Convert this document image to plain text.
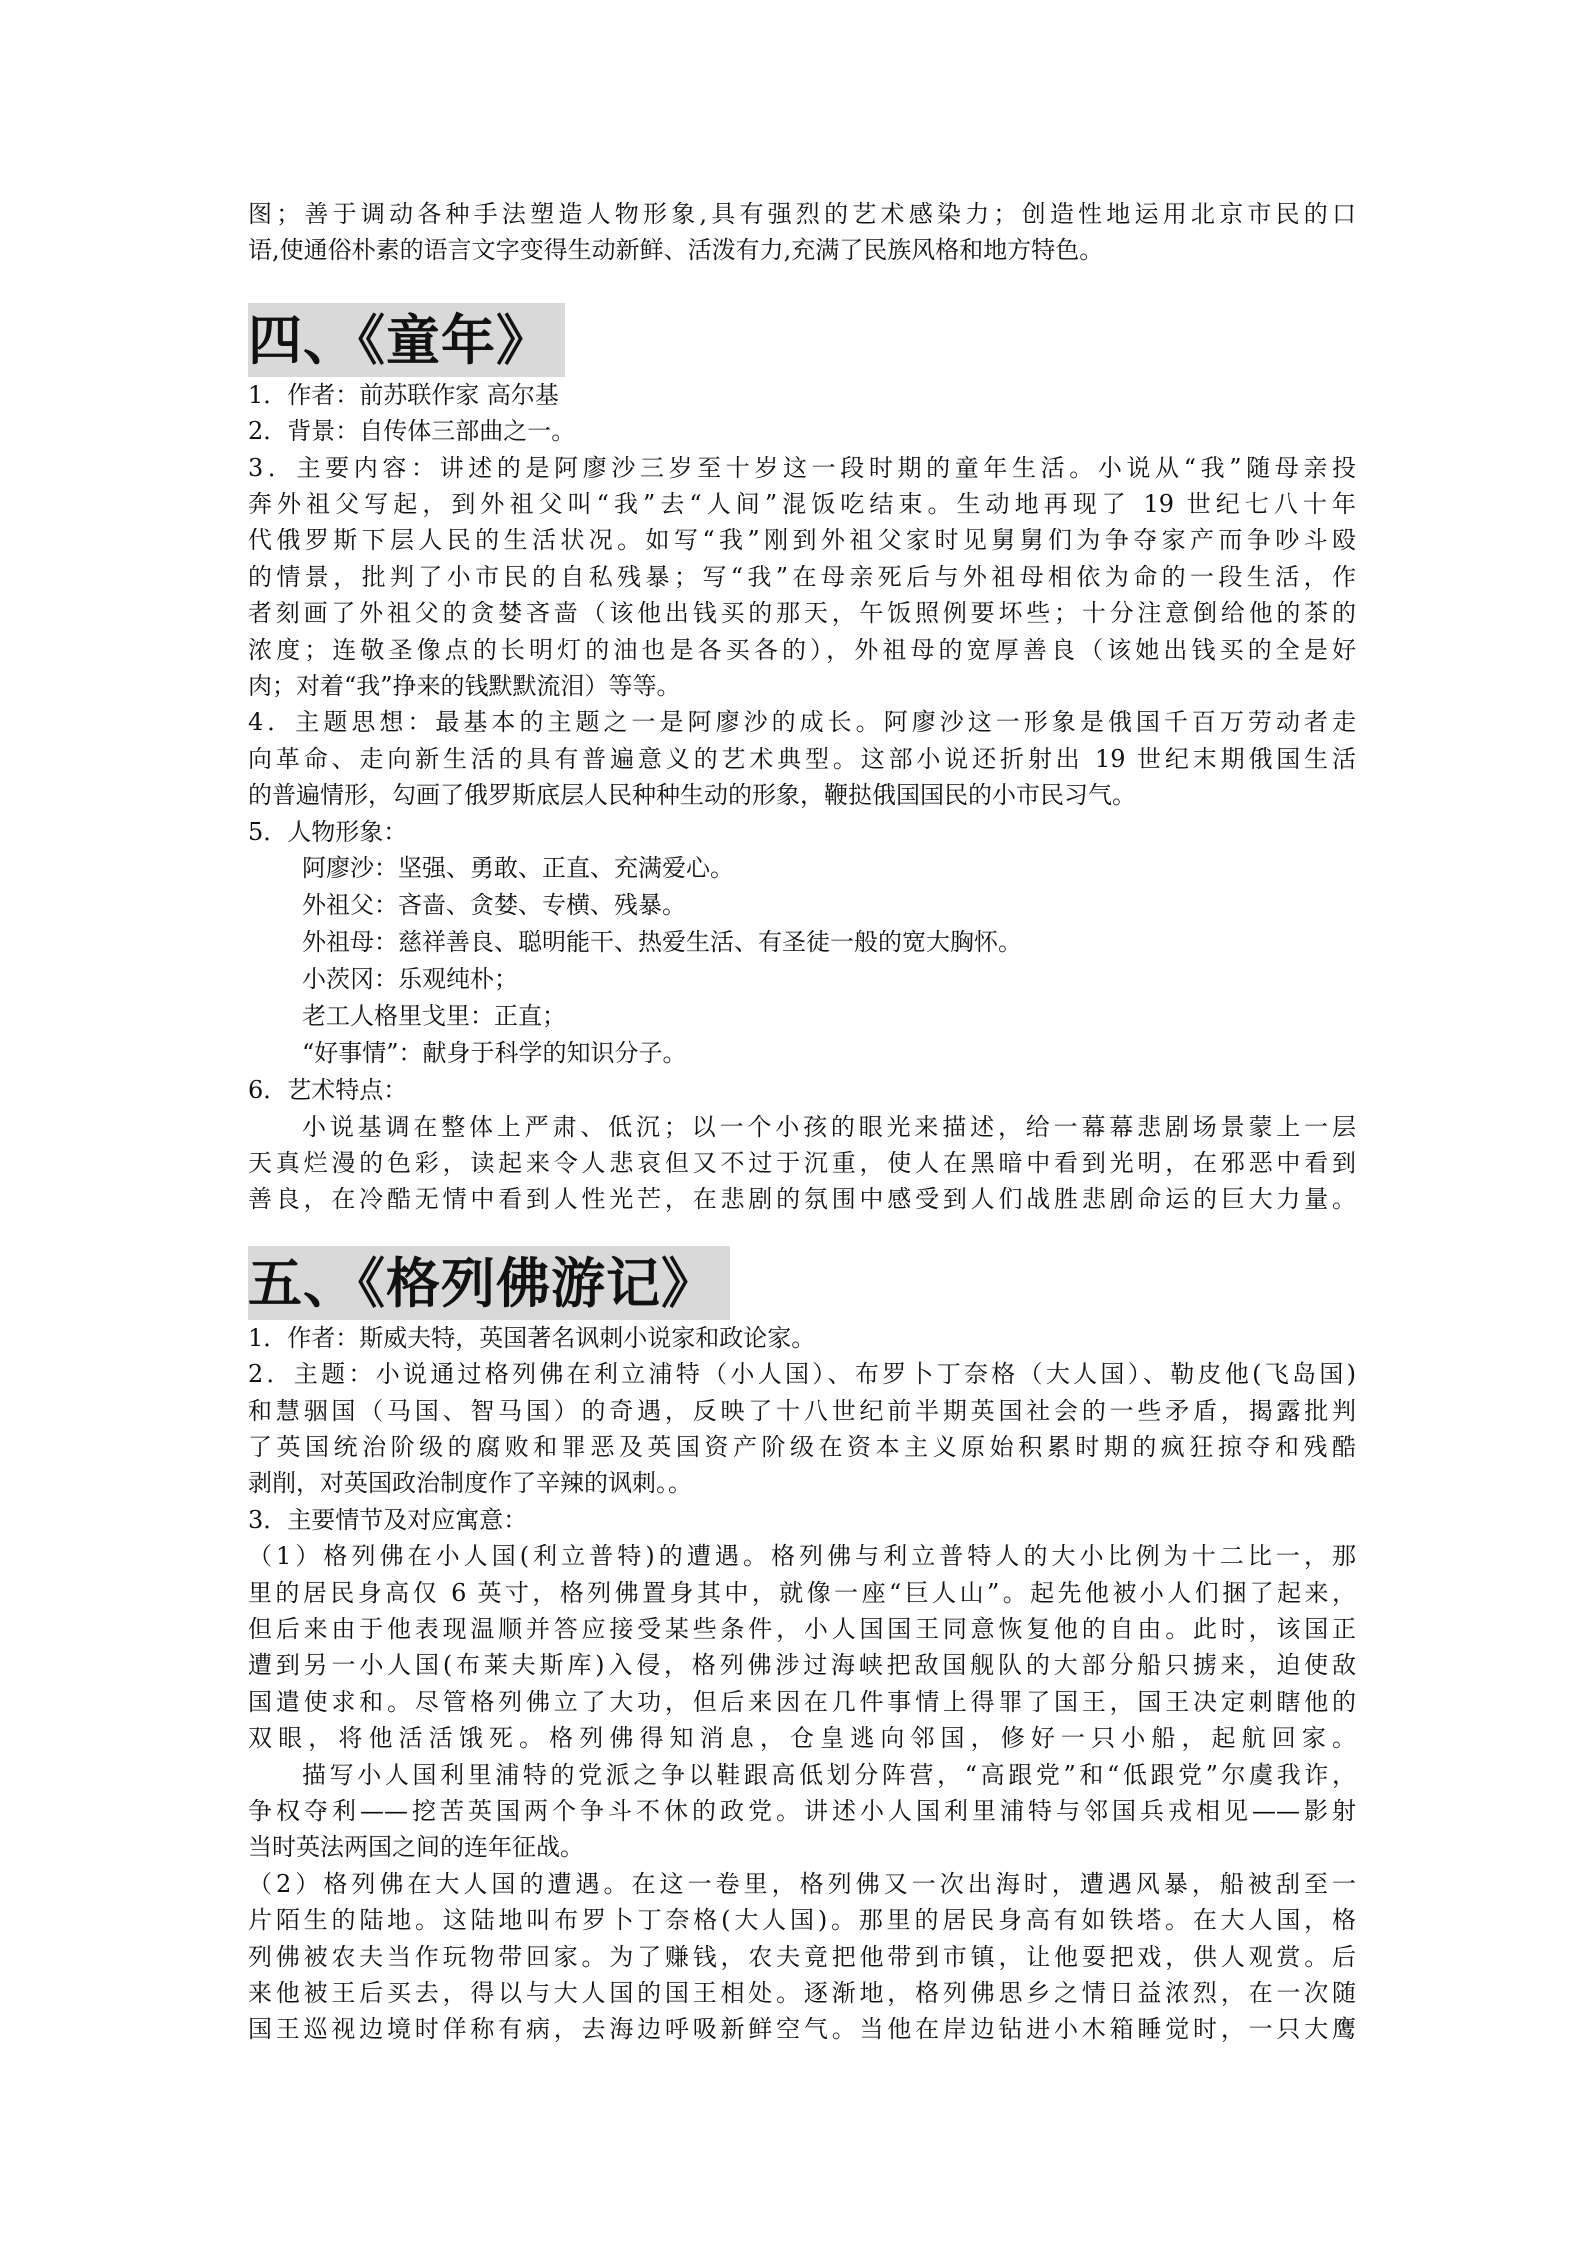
图；善于调动各种手法塑造人物形象,具有强烈的艺术感染力；创造性地运用北京市民的口
语,使通俗朴素的语言文字变得生动新鲜、活泼有力,充满了民族风格和地方特色。
四、《童年》
1．作者：前苏联作家 高尔基
2．背景：自传体三部曲之一。
3．主要内容：讲述的是阿廖沙三岁至十岁这一段时期的童年生活。小说从“我”随母亲投
奔外祖父写起，到外祖父叫“我”去“人间”混饭吃结束。生动地再现了 19 世纪七八十年
代俄罗斯下层人民的生活状况。如写“我”刚到外祖父家时见舅舅们为争夺家产而争吵斗殴
的情景，批判了小市民的自私残暴；写“我”在母亲死后与外祖母相依为命的一段生活，作
者刻画了外祖父的贪婪吝啬（该他出钱买的那天，午饭照例要坏些；十分注意倒给他的茶的
浓度；连敬圣像点的长明灯的油也是各买各的），外祖母的宽厚善良（该她出钱买的全是好
肉；对着“我”挣来的钱默默流泪）等等。
4．主题思想：最基本的主题之一是阿廖沙的成长。阿廖沙这一形象是俄国千百万劳动者走
向革命、走向新生活的具有普遍意义的艺术典型。这部小说还折射出 19 世纪末期俄国生活
的普遍情形，勾画了俄罗斯底层人民种种生动的形象，鞭挞俄国国民的小市民习气。
5．人物形象：
阿廖沙：坚强、勇敢、正直、充满爱心。
外祖父：吝啬、贪婪、专横、残暴。
外祖母：慈祥善良、聪明能干、热爱生活、有圣徒一般的宽大胸怀。
小茨冈：乐观纯朴；
老工人格里戈里：正直；
“好事情”：献身于科学的知识分子。
6．艺术特点：
小说基调在整体上严肃、低沉；以一个小孩的眼光来描述，给一幕幕悲剧场景蒙上一层
天真烂漫的色彩，读起来令人悲哀但又不过于沉重，使人在黑暗中看到光明，在邪恶中看到
善良，在冷酷无情中看到人性光芒，在悲剧的氛围中感受到人们战胜悲剧命运的巨大力量。
五、《格列佛游记》
1．作者：斯威夫特，英国著名讽刺小说家和政论家。
2．主题：小说通过格列佛在利立浦特（小人国）、布罗卜丁奈格（大人国）、勒皮他(飞岛国)
和慧骃国（马国、智马国）的奇遇，反映了十八世纪前半期英国社会的一些矛盾，揭露批判
了英国统治阶级的腐败和罪恶及英国资产阶级在资本主义原始积累时期的疯狂掠夺和残酷
剥削，对英国政治制度作了辛辣的讽刺。。
3．主要情节及对应寓意：
（1）格列佛在小人国(利立普特)的遭遇。格列佛与利立普特人的大小比例为十二比一，那
里的居民身高仅 6 英寸，格列佛置身其中，就像一座“巨人山”。起先他被小人们捆了起来，
但后来由于他表现温顺并答应接受某些条件，小人国国王同意恢复他的自由。此时，该国正
遭到另一小人国(布莱夫斯库)入侵，格列佛涉过海峡把敌国舰队的大部分船只掳来，迫使敌
国遣使求和。尽管格列佛立了大功，但后来因在几件事情上得罪了国王，国王决定刺瞎他的
双眼，将他活活饿死。格列佛得知消息，仓皇逃向邻国，修好一只小船，起航回家。
描写小人国利里浦特的党派之争以鞋跟高低划分阵营，“高跟党”和“低跟党”尔虞我诈，
争权夺利——挖苦英国两个争斗不休的政党。讲述小人国利里浦特与邻国兵戎相见——影射
当时英法两国之间的连年征战。
（2）格列佛在大人国的遭遇。在这一卷里，格列佛又一次出海时，遭遇风暴，船被刮至一
片陌生的陆地。这陆地叫布罗卜丁奈格(大人国)。那里的居民身高有如铁塔。在大人国，格
列佛被农夫当作玩物带回家。为了赚钱，农夫竟把他带到市镇，让他耍把戏，供人观赏。后
来他被王后买去，得以与大人国的国王相处。逐渐地，格列佛思乡之情日益浓烈，在一次随
国王巡视边境时佯称有病，去海边呼吸新鲜空气。当他在岸边钻进小木箱睡觉时，一只大鹰
